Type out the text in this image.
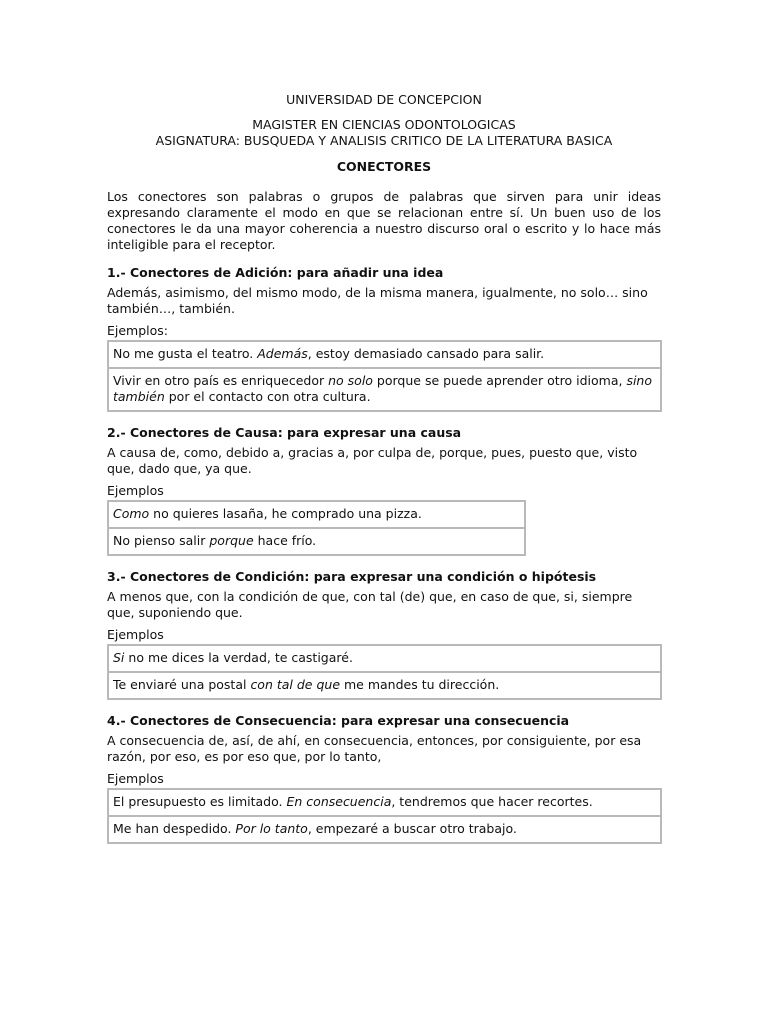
UNIVERSIDAD DE CONCEPCION

MAGISTER EN CIENCIAS ODONTOLOGICAS

ASIGNATURA: BUSQUEDA Y ANALISIS CRITICO DE LA LITERATURA BASICA

CONECTORES

Los conectores son palabras o grupos de palabras que sirven para unir ideas expresando claramente el modo en que se relacionan entre sí. Un buen uso de los conectores le da una mayor coherencia a nuestro discurso oral o escrito y lo hace más inteligible para el receptor.

1.- Conectores de Adición: para añadir una idea

Además, asimismo, del mismo modo, de la misma manera, igualmente, no solo… sino también…, también.

Ejemplos:

No me gusta el teatro. Además, estoy demasiado cansado para salir.
Vivir en otro país es enriquecedor no solo porque se puede aprender otro idioma, sino también por el contacto con otra cultura.

2.- Conectores de Causa: para expresar una causa

A causa de, como, debido a, gracias a, por culpa de, porque, pues, puesto que, visto que, dado que, ya que.

Ejemplos

Como no quieres lasaña, he comprado una pizza.
No pienso salir porque hace frío.

3.- Conectores de Condición: para expresar una condición o hipótesis

A menos que, con la condición de que, con tal (de) que, en caso de que, si, siempre que, suponiendo que.

Ejemplos

Si no me dices la verdad, te castigaré.
Te enviaré una postal con tal de que me mandes tu dirección.

4.- Conectores de Consecuencia: para expresar una consecuencia

A consecuencia de, así, de ahí, en consecuencia, entonces, por consiguiente, por esa razón, por eso, es por eso que, por lo tanto,

Ejemplos

El presupuesto es limitado. En consecuencia, tendremos que hacer recortes.
Me han despedido. Por lo tanto, empezaré a buscar otro trabajo.
